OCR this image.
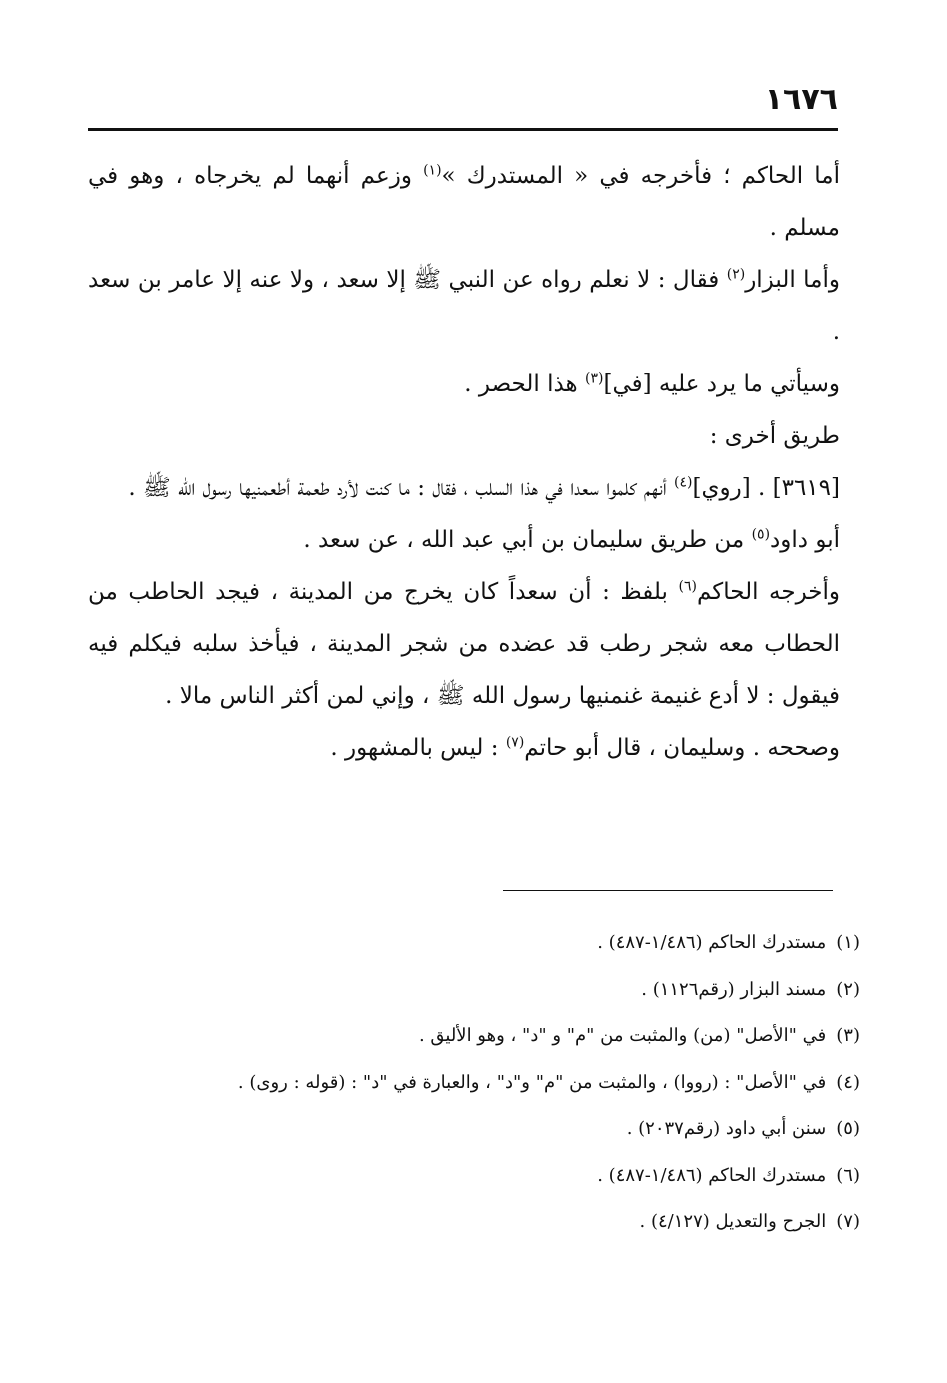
١٦٧٦

أما الحاكم ؛ فأخرجه في « المستدرك »$^{(١)}$ وزعم أنهما لم يخرجاه ، وهو في مسلم .

وأما البزار$^{(٢)}$ فقال : لا نعلم رواه عن النبي ﷺ إلا سعد ، ولا عنه إلا عامر بن سعد .

وسيأتي ما يرد عليه [في]$^{(٣)}$ هذا الحصر .

طريق أخرى :

[٣٦١٩] . [روي]$^{(٤)}$ أنهم كلموا سعدا في هذا السلب ، فقال : ما كنت لأرد طعمة أطعمنيها رسول الله ﷺ .

أبو داود$^{(٥)}$ من طريق سليمان بن أبي عبد الله ، عن سعد .

وأخرجه الحاكم$^{(٦)}$ بلفظ : أن سعداً كان يخرج من المدينة ، فيجد الحاطب من الحطاب معه شجر رطب قد عضده من شجر المدينة ، فيأخذ سلبه فيكلم فيه فيقول : لا أدع غنيمة غنمنيها رسول الله ﷺ ، وإني لمن أكثر الناس مالا .

وصححه . وسليمان ، قال أبو حاتم$^{(٧)}$ : ليس بالمشهور .

(١)مستدرك الحاكم (١/٤٨٦-٤٨٧) .
(٢)مسند البزار (رقم١١٢٦) .
(٣)في "الأصل" (من) والمثبت من "م" و "د" ، وهو الأليق .
(٤)في "الأصل" : (رووا) ، والمثبت من "م" و"د" ، والعبارة في "د" : (قوله : روى) .
(٥)سنن أبي داود (رقم٢٠٣٧) .
(٦)مستدرك الحاكم (١/٤٨٦-٤٨٧) .
(٧)الجرح والتعديل (٤/١٢٧) .
